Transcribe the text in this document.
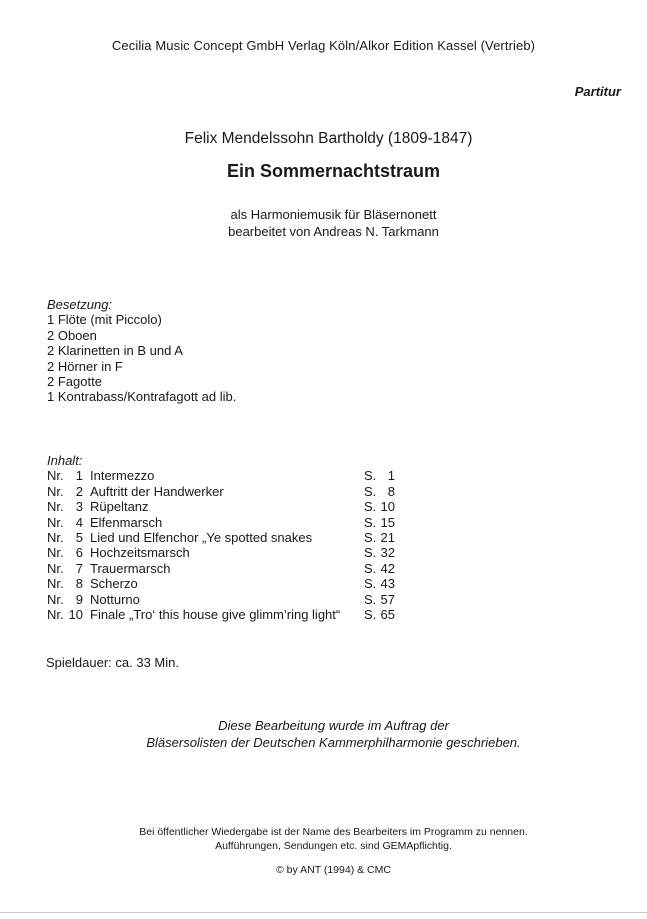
Cecilia Music Concept GmbH Verlag Köln/Alkor Edition Kassel (Vertrieb)
Partitur
Felix Mendelssohn Bartholdy (1809-1847)
Ein Sommernachtstraum
als Harmoniemusik für Bläsernonett
bearbeitet von Andreas N. Tarkmann
Besetzung:
1 Flöte (mit Piccolo)
2 Oboen
2 Klarinetten in B und A
2 Hörner in F
2 Fagotte
1 Kontrabass/Kontrafagott ad lib.
Inhalt:
Nr. 1 Intermezzo	S. 1
Nr. 2 Auftritt der Handwerker	S. 8
Nr. 3 Rüpeltanz	S. 10
Nr. 4 Elfenmarsch	S. 15
Nr. 5 Lied und Elfenchor „Ye spotted snakes	S. 21
Nr. 6 Hochzeitsmarsch	S. 32
Nr. 7 Trauermarsch	S. 42
Nr. 8 Scherzo	S. 43
Nr. 9 Notturno	S. 57
Nr. 10 Finale „Tro‘ this house give glimm’ring light“ S. 65
Spieldauer: ca. 33 Min.
Diese Bearbeitung wurde im Auftrag der
Bläsersolisten der Deutschen Kammerphilharmonie geschrieben.
Bei öffentlicher Wiedergabe ist der Name des Bearbeiters im Programm zu nennen.
Aufführungen, Sendungen etc. sind GEMApflichtig.
© by ANT (1994) & CMC
